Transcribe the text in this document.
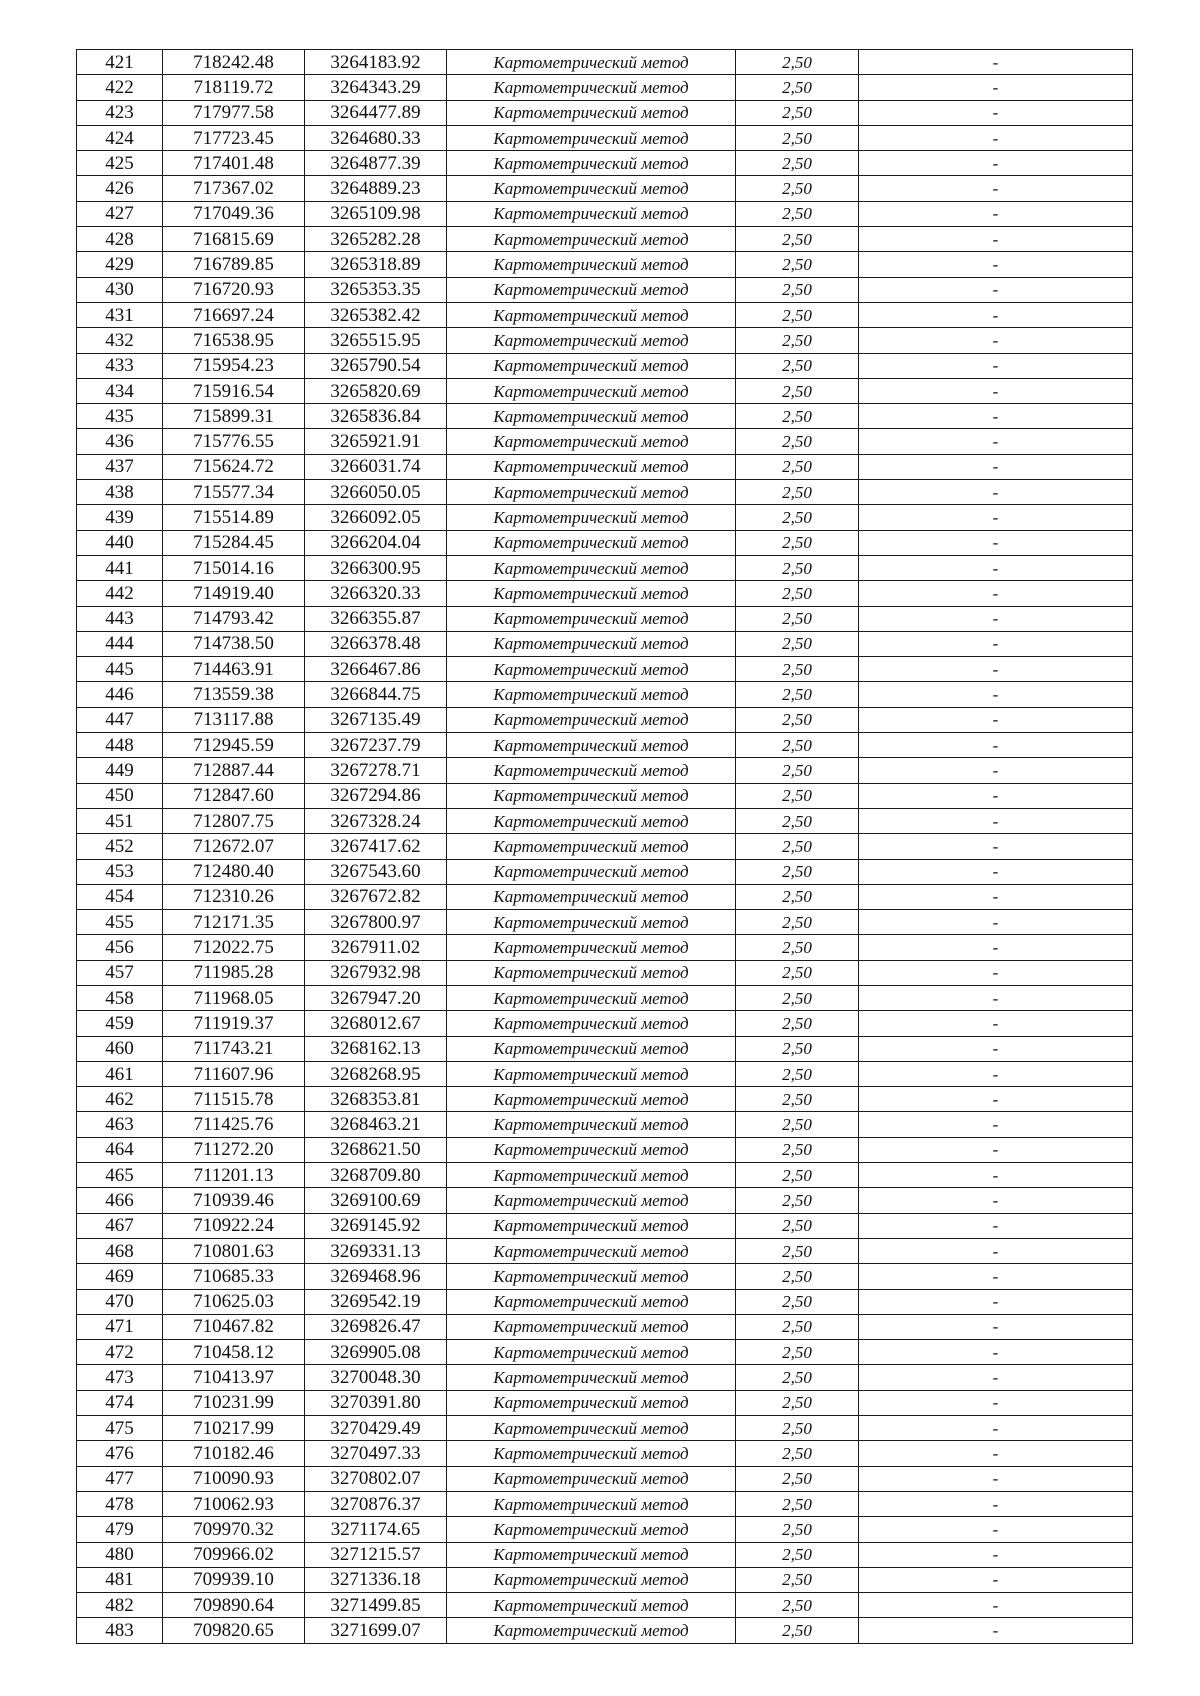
421	718242.48	3264183.92	Картометрический метод	2,50	-
422	718119.72	3264343.29	Картометрический метод	2,50	-
423	717977.58	3264477.89	Картометрический метод	2,50	-
424	717723.45	3264680.33	Картометрический метод	2,50	-
425	717401.48	3264877.39	Картометрический метод	2,50	-
426	717367.02	3264889.23	Картометрический метод	2,50	-
427	717049.36	3265109.98	Картометрический метод	2,50	-
428	716815.69	3265282.28	Картометрический метод	2,50	-
429	716789.85	3265318.89	Картометрический метод	2,50	-
430	716720.93	3265353.35	Картометрический метод	2,50	-
431	716697.24	3265382.42	Картометрический метод	2,50	-
432	716538.95	3265515.95	Картометрический метод	2,50	-
433	715954.23	3265790.54	Картометрический метод	2,50	-
434	715916.54	3265820.69	Картометрический метод	2,50	-
435	715899.31	3265836.84	Картометрический метод	2,50	-
436	715776.55	3265921.91	Картометрический метод	2,50	-
437	715624.72	3266031.74	Картометрический метод	2,50	-
438	715577.34	3266050.05	Картометрический метод	2,50	-
439	715514.89	3266092.05	Картометрический метод	2,50	-
440	715284.45	3266204.04	Картометрический метод	2,50	-
441	715014.16	3266300.95	Картометрический метод	2,50	-
442	714919.40	3266320.33	Картометрический метод	2,50	-
443	714793.42	3266355.87	Картометрический метод	2,50	-
444	714738.50	3266378.48	Картометрический метод	2,50	-
445	714463.91	3266467.86	Картометрический метод	2,50	-
446	713559.38	3266844.75	Картометрический метод	2,50	-
447	713117.88	3267135.49	Картометрический метод	2,50	-
448	712945.59	3267237.79	Картометрический метод	2,50	-
449	712887.44	3267278.71	Картометрический метод	2,50	-
450	712847.60	3267294.86	Картометрический метод	2,50	-
451	712807.75	3267328.24	Картометрический метод	2,50	-
452	712672.07	3267417.62	Картометрический метод	2,50	-
453	712480.40	3267543.60	Картометрический метод	2,50	-
454	712310.26	3267672.82	Картометрический метод	2,50	-
455	712171.35	3267800.97	Картометрический метод	2,50	-
456	712022.75	3267911.02	Картометрический метод	2,50	-
457	711985.28	3267932.98	Картометрический метод	2,50	-
458	711968.05	3267947.20	Картометрический метод	2,50	-
459	711919.37	3268012.67	Картометрический метод	2,50	-
460	711743.21	3268162.13	Картометрический метод	2,50	-
461	711607.96	3268268.95	Картометрический метод	2,50	-
462	711515.78	3268353.81	Картометрический метод	2,50	-
463	711425.76	3268463.21	Картометрический метод	2,50	-
464	711272.20	3268621.50	Картометрический метод	2,50	-
465	711201.13	3268709.80	Картометрический метод	2,50	-
466	710939.46	3269100.69	Картометрический метод	2,50	-
467	710922.24	3269145.92	Картометрический метод	2,50	-
468	710801.63	3269331.13	Картометрический метод	2,50	-
469	710685.33	3269468.96	Картометрический метод	2,50	-
470	710625.03	3269542.19	Картометрический метод	2,50	-
471	710467.82	3269826.47	Картометрический метод	2,50	-
472	710458.12	3269905.08	Картометрический метод	2,50	-
473	710413.97	3270048.30	Картометрический метод	2,50	-
474	710231.99	3270391.80	Картометрический метод	2,50	-
475	710217.99	3270429.49	Картометрический метод	2,50	-
476	710182.46	3270497.33	Картометрический метод	2,50	-
477	710090.93	3270802.07	Картометрический метод	2,50	-
478	710062.93	3270876.37	Картометрический метод	2,50	-
479	709970.32	3271174.65	Картометрический метод	2,50	-
480	709966.02	3271215.57	Картометрический метод	2,50	-
481	709939.10	3271336.18	Картометрический метод	2,50	-
482	709890.64	3271499.85	Картометрический метод	2,50	-
483	709820.65	3271699.07	Картометрический метод	2,50	-
